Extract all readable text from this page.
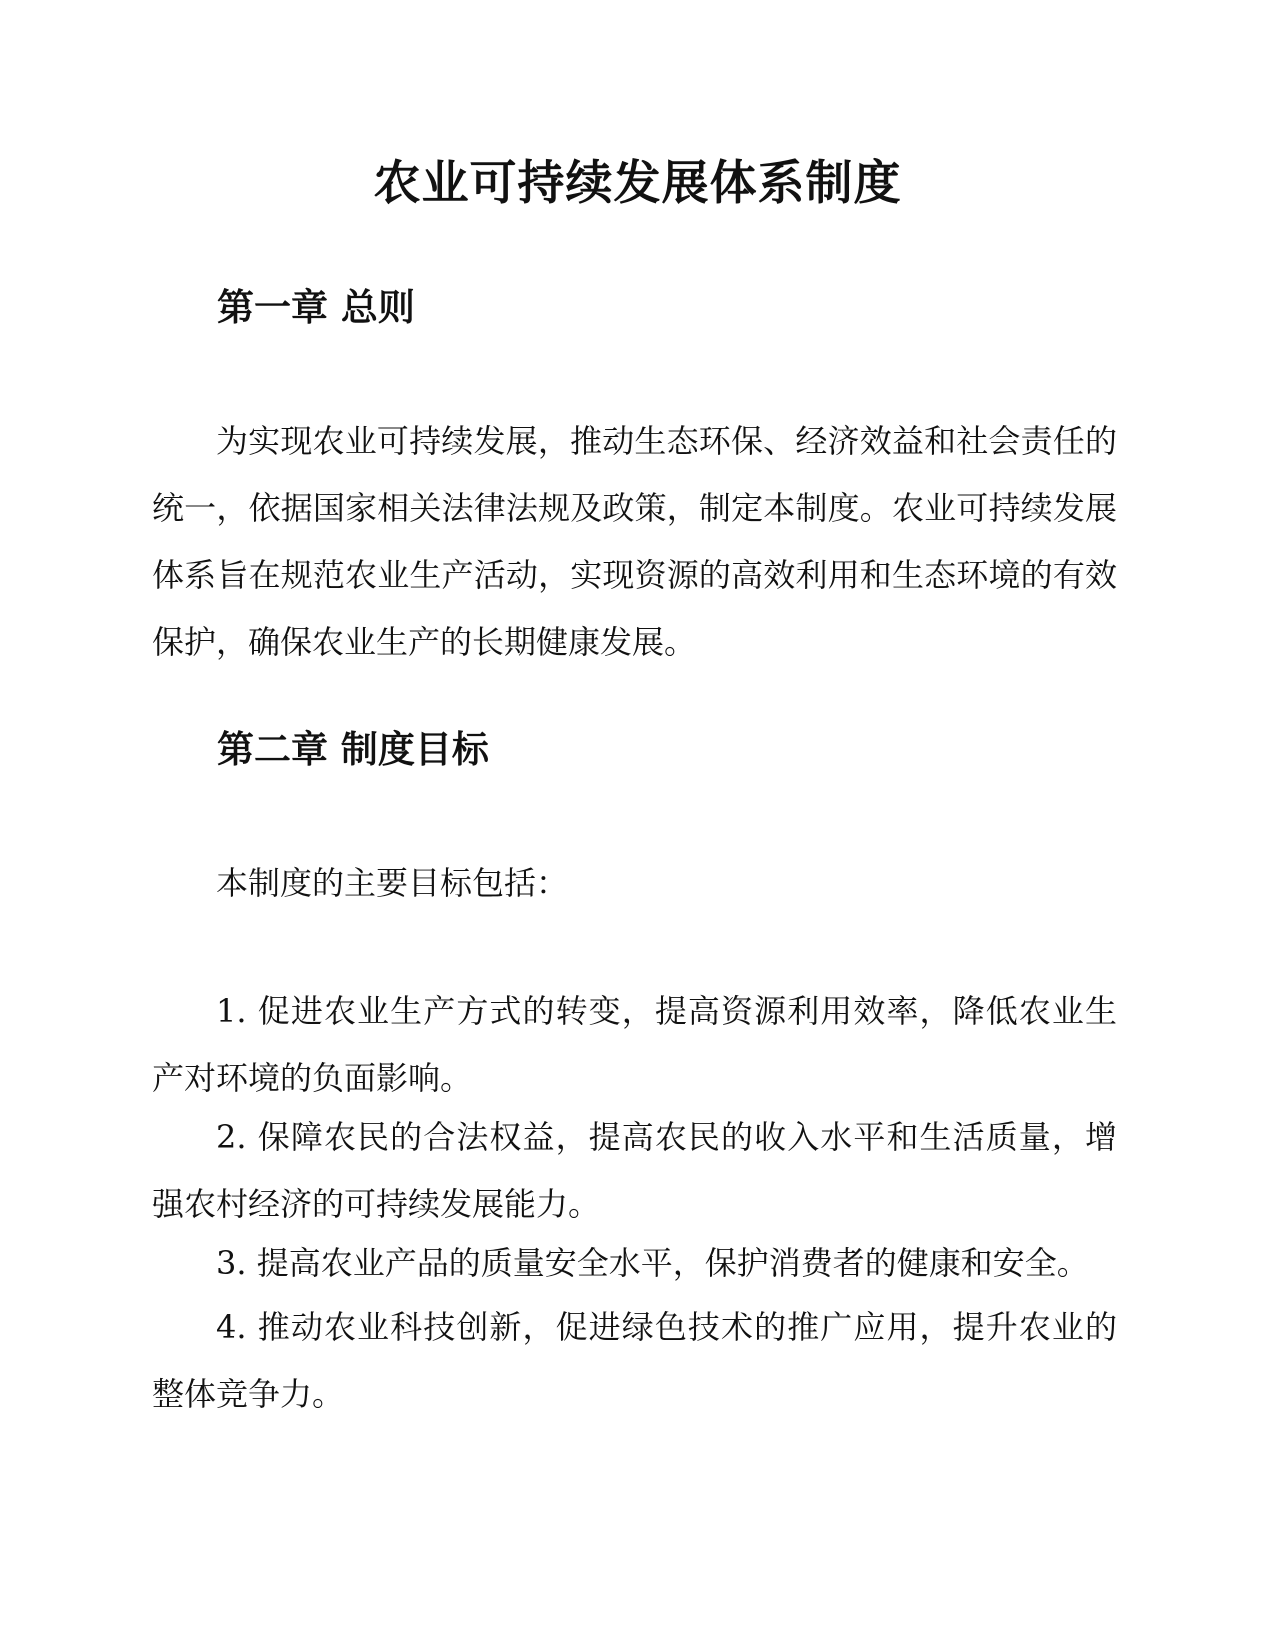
农业可持续发展体系制度
第一章 总则

为实现农业可持续发展，推动生态环保、经济效益和社会责任的统一，依据国家相关法律法规及政策，制定本制度。农业可持续发展体系旨在规范农业生产活动，实现资源的高效利用和生态环境的有效保护，确保农业生产的长期健康发展。

第二章 制度目标

本制度的主要目标包括：

1. 促进农业生产方式的转变，提高资源利用效率，降低农业生产对环境的负面影响。

2. 保障农民的合法权益，提高农民的收入水平和生活质量，增强农村经济的可持续发展能力。

3. 提高农业产品的质量安全水平，保护消费者的健康和安全。

4. 推动农业科技创新，促进绿色技术的推广应用，提升农业的整体竞争力。
